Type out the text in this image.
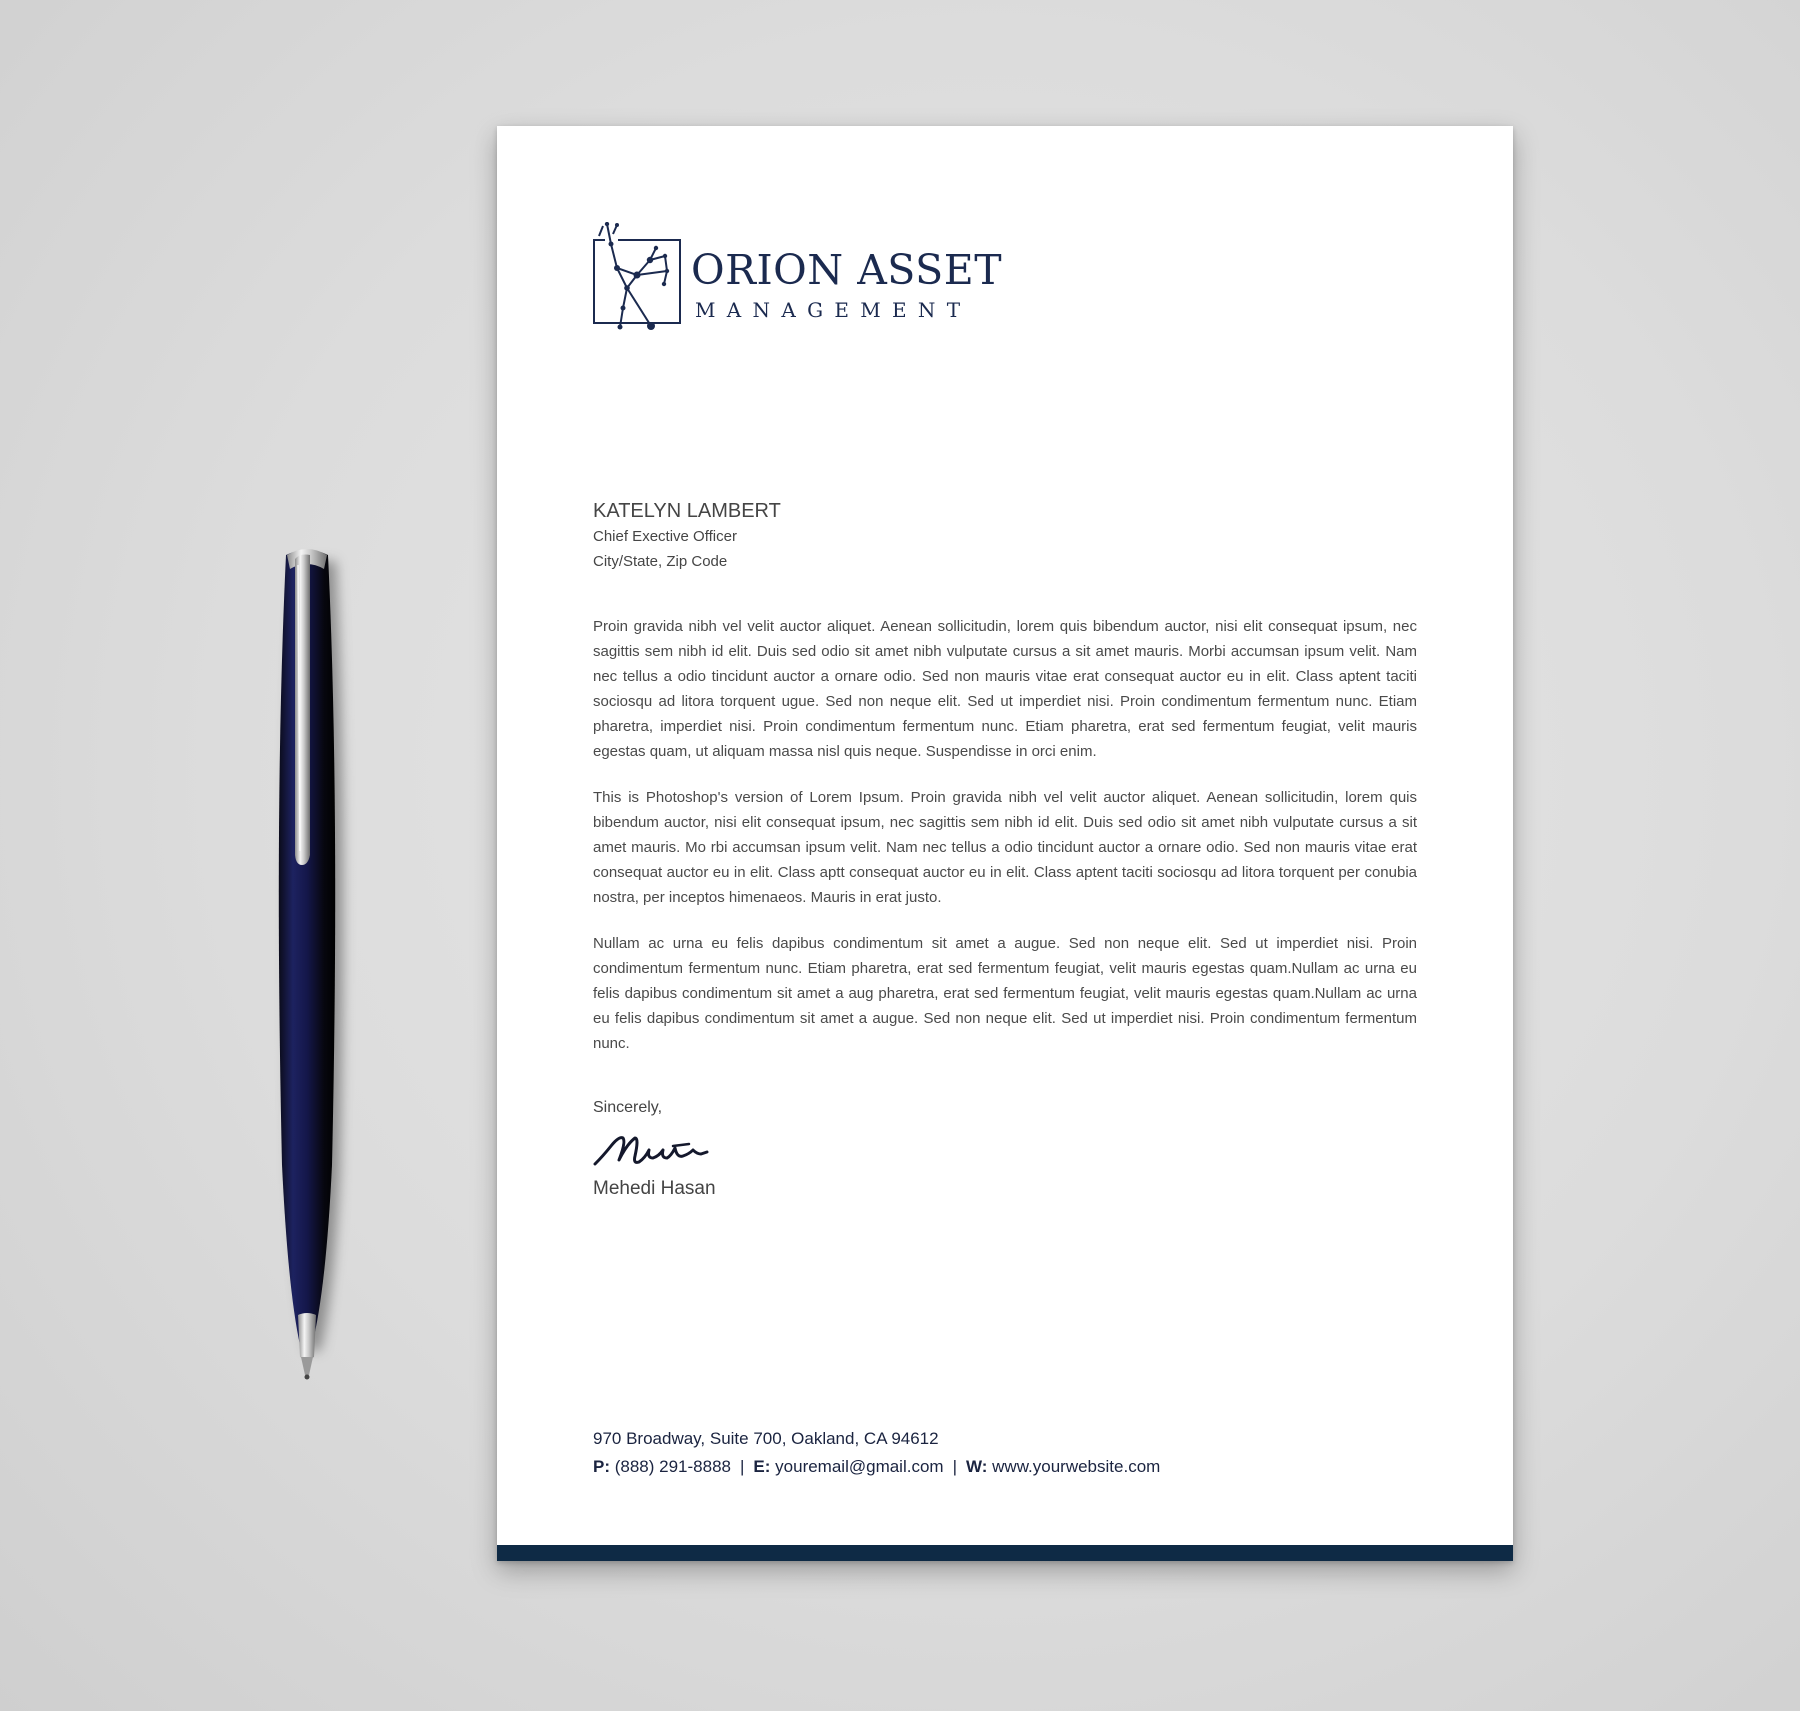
ORION ASSET
MANAGEMENT
KATELYN LAMBERT
Chief Exective Officer
City/State, Zip Code

Proin gravida nibh vel velit auctor aliquet. Aenean sollicitudin, lorem quis bibendum auctor, nisi elit consequat ipsum, nec sagittis sem nibh id elit. Duis sed odio sit amet nibh vulputate cursus a sit amet mauris. Morbi accumsan ipsum velit. Nam nec tellus a odio tincidunt auctor a ornare odio. Sed non mauris vitae erat consequat auctor eu in elit. Class aptent taciti sociosqu ad litora torquent ugue. Sed non neque elit. Sed ut imperdiet nisi. Proin condimentum fermentum nunc. Etiam pharetra, imperdiet nisi. Proin condimentum fermentum nunc. Etiam pharetra, erat sed fermentum feugiat, velit mauris egestas quam, ut aliquam massa nisl quis neque. Suspendisse in orci enim.

This is Photoshop's version of Lorem Ipsum. Proin gravida nibh vel velit auctor aliquet. Aenean sollicitudin, lorem quis bibendum auctor, nisi elit consequat ipsum, nec sagittis sem nibh id elit. Duis sed odio sit amet nibh vulputate cursus a sit amet mauris. Mo rbi accumsan ipsum velit. Nam nec tellus a odio tincidunt auctor a ornare odio. Sed non mauris vitae erat consequat auctor eu in elit. Class aptt consequat auctor eu in elit. Class aptent taciti sociosqu ad litora torquent per conubia nostra, per inceptos himenaeos. Mauris in erat justo.

Nullam ac urna eu felis dapibus condimentum sit amet a augue. Sed non neque elit. Sed ut imperdiet nisi. Proin condimentum fermentum nunc. Etiam pharetra, erat sed fermentum feugiat, velit mauris egestas quam.Nullam ac urna eu felis dapibus condimentum sit amet a aug pharetra, erat sed fermentum feugiat, velit mauris egestas quam.Nullam ac urna eu felis dapibus condimentum sit amet a augue. Sed non neque elit. Sed ut imperdiet nisi. Proin condimentum fermentum nunc.

Sincerely,
Mehedi Hasan
970 Broadway, Suite 700, Oakland, CA 94612
P: (888) 291-8888 | E: youremail@gmail.com | W: www.yourwebsite.com
